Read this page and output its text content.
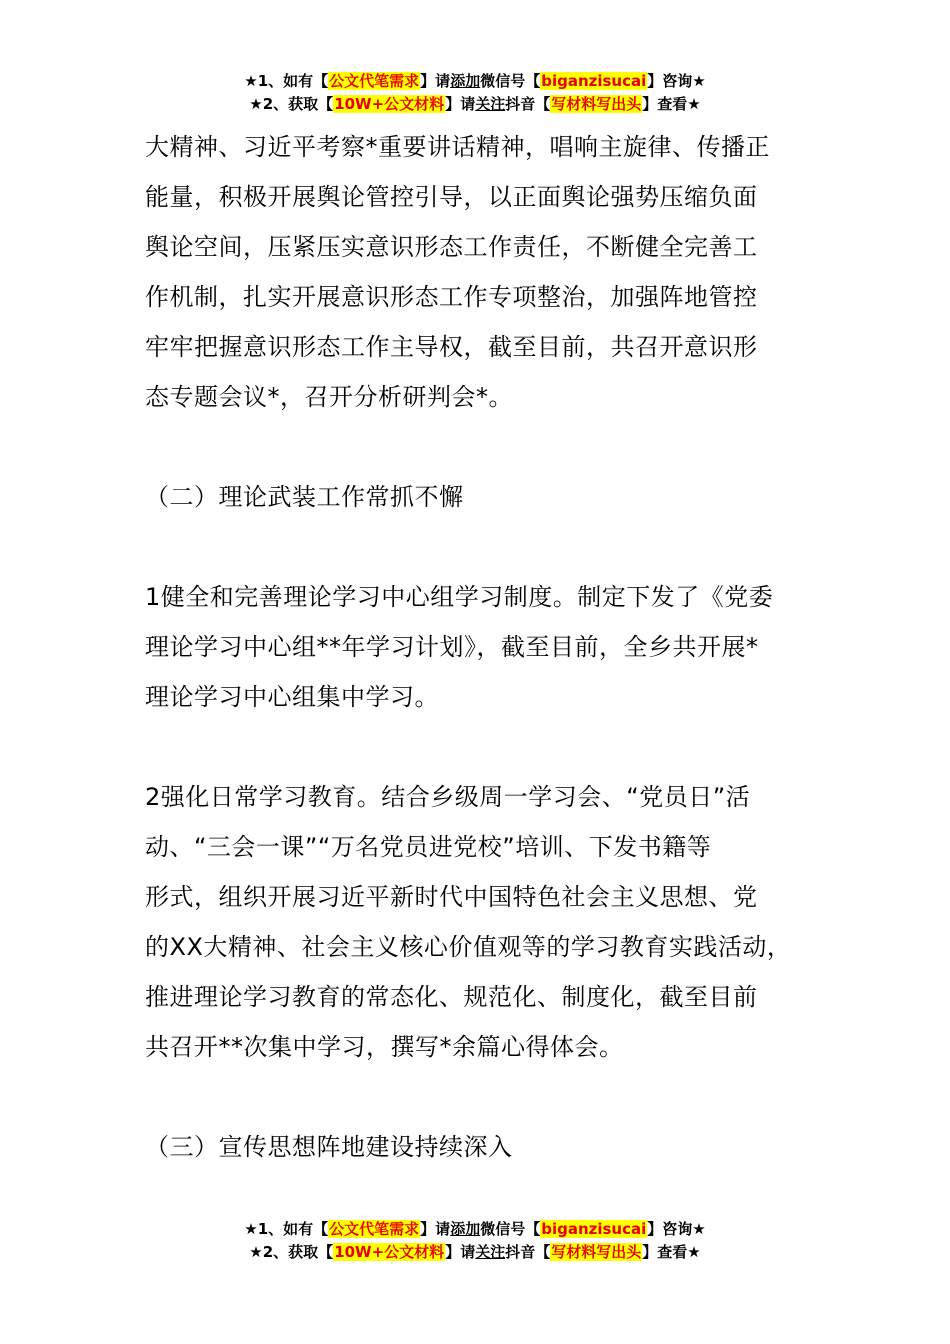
★1、如有【公文代笔需求】请添加微信号【biganzisucai】咨询★
★2、获取【10W+公文材料】请关注抖音【写材料写出头】查看★

大精神、习近平考察*重要讲话精神，唱响主旋律、传播正
能量，积极开展舆论管控引导，以正面舆论强势压缩负面
舆论空间，压紧压实意识形态工作责任，不断健全完善工
作机制，扎实开展意识形态工作专项整治，加强阵地管控
牢牢把握意识形态工作主导权，截至目前，共召开意识形
态专题会议*，召开分析研判会*。

（二）理论武装工作常抓不懈

1健全和完善理论学习中心组学习制度。制定下发了《党委
理论学习中心组**年学习计划》，截至目前，全乡共开展*
理论学习中心组集中学习。

2强化日常学习教育。结合乡级周一学习会、“党员日”活
动、“三会一课”“万名党员进党校”培训、下发书籍等
形式，组织开展习近平新时代中国特色社会主义思想、党
的XX大精神、社会主义核心价值观等的学习教育实践活动，
推进理论学习教育的常态化、规范化、制度化，截至目前
共召开**次集中学习，撰写*余篇心得体会。

（三）宣传思想阵地建设持续深入

★1、如有【公文代笔需求】请添加微信号【biganzisucai】咨询★
★2、获取【10W+公文材料】请关注抖音【写材料写出头】查看★
